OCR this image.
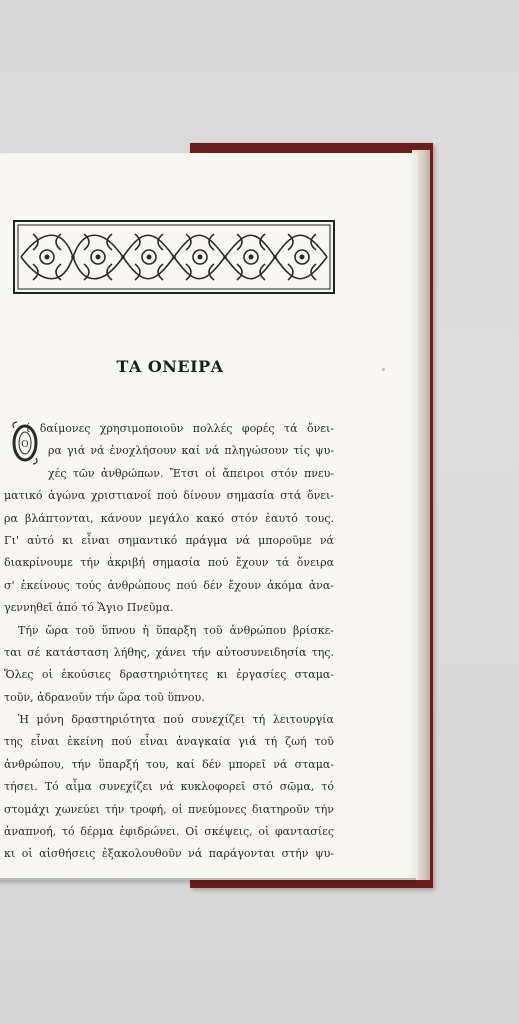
ΤΑ ΟΝΕΙΡΑ
Ο
ί δαίμονες χρησιμοποιοῦν πολλές φορές τά ὄνει-
ρα γιά νά ἐνοχλήσουν καί νά πληγώσουν τίς ψυ-
χές τῶν ἀνθρώπων. Ἔτσι οἱ ἄπειροι στόν πνευ-
ματικό ἀγώνα χριστιανοί πού δίνουν σημασία στά ὄνει-
ρα βλάπτονται, κάνουν μεγάλο κακό στόν ἑαυτό τους.
Γι' αὐτό κι εἶναι σημαντικό πράγμα νά μποροῦμε νά
διακρίνουμε τήν ἀκριβή σημασία πού ἔχουν τά ὄνειρα
σ' ἐκείνους τούς ἀνθρώπους πού δέν ἔχουν ἀκόμα ἀνα-
γεννηθεῖ ἀπό τό Ἅγιο Πνεῦμα.
Τήν ὥρα τοῦ ὕπνου ἡ ὕπαρξη τοῦ ἀνθρώπου βρίσκε-
ται σέ κατάσταση λήθης, χάνει τήν αὐτοσυνειδησία της.
Ὅλες οἱ ἑκούσιες δραστηριότητες κι ἐργασίες σταμα-
τοῦν, ἀδρανοῦν τήν ὥρα τοῦ ὕπνου.
Ἡ μόνη δραστηριότητα πού συνεχίζει τή λειτουργία
της εἶναι ἐκείνη πού εἶναι ἀναγκαία γιά τή ζωή τοῦ
ἀνθρώπου, τήν ὕπαρξή του, καί δέν μπορεῖ νά σταμα-
τήσει. Τό αἷμα συνεχίζει νά κυκλοφορεῖ στό σῶμα, τό
στομάχι χωνεύει τήν τροφή, οἱ πνεύμονες διατηροῦν τήν
ἀναπνοή, τό δέρμα ἐφιδρώνει. Οἱ σκέψεις, οἱ φαντασίες
κι οἱ αἰσθήσεις ἐξακολουθοῦν νά παράγονται στήν ψυ-
